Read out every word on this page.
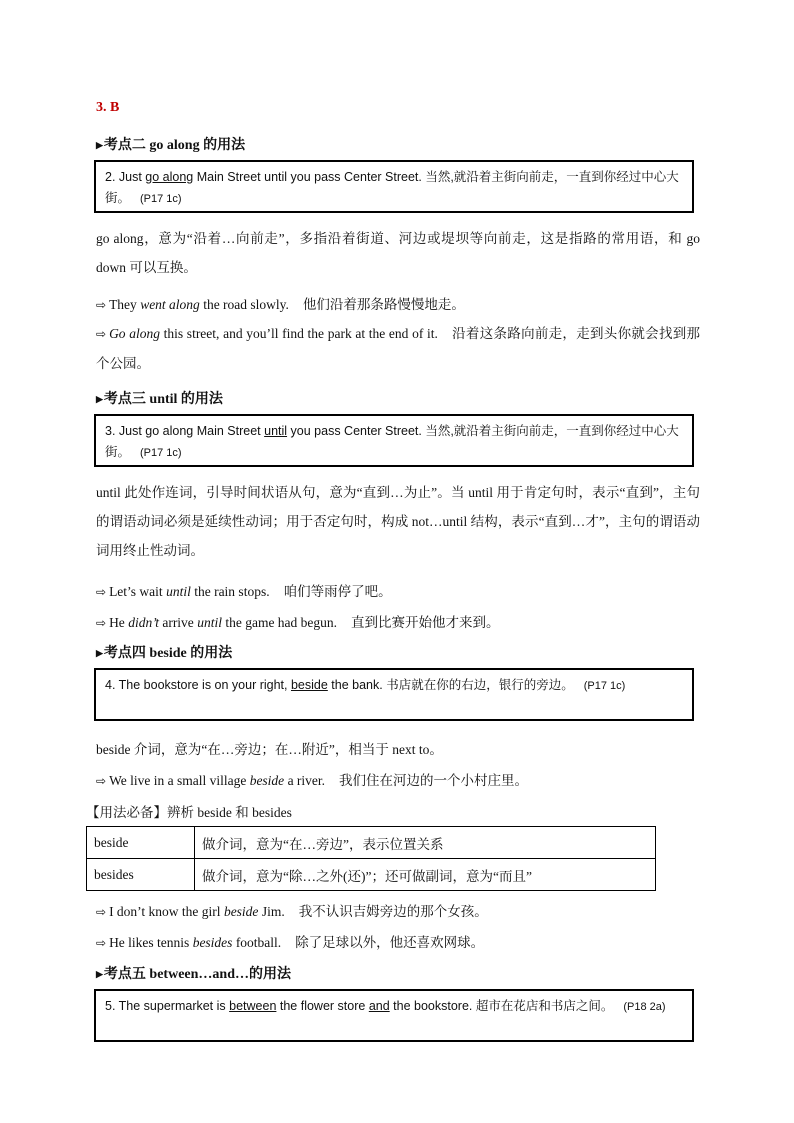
3. B
▶考点二 go along 的用法
2. Just go along Main Street until you pass Center Street. 当然,就沿着主街向前走，一直到你经过中心大街。 (P17 1c)
go along，意为“沿着…向前走”，多指沿着街道、河边或堤坝等向前走，这是指路的常用语，和 go down 可以互换。
⇨ They went along the road slowly. 他们沿着那条路慢慢地走。
⇨ Go along this street, and you’ll find the park at the end of it. 沿着这条路向前走，走到头你就会找到那个公园。
▶考点三 until 的用法
3. Just go along Main Street until you pass Center Street. 当然,就沿着主街向前走，一直到你经过中心大街。 (P17 1c)
until 此处作连词，引导时间状语从句，意为“直到…为止”。当 until 用于肯定句时，表示“直到”，主句的谓语动词必须是延续性动词；用于否定句时，构成 not…until 结构，表示“直到…才”，主句的谓语动词用终止性动词。
⇨ Let’s wait until the rain stops. 咱们等雨停了吧。
⇨ He didn’t arrive until the game had begun. 直到比赛开始他才来到。
▶考点四 beside 的用法
4. The bookstore is on your right, beside the bank. 书店就在你的右边，银行的旁边。 (P17 1c)
beside 介词，意为“在…旁边；在…附近”，相当于 next to。
⇨ We live in a small village beside a river. 我们住在河边的一个小村庄里。
【用法必备】辨析 beside 和 besides
beside	做介词，意为“在…旁边”，表示位置关系
besides	做介词，意为“除…之外(还)”；还可做副词，意为“而且”
⇨ I don’t know the girl beside Jim. 我不认识吉姆旁边的那个女孩。
⇨ He likes tennis besides football. 除了足球以外，他还喜欢网球。
▶考点五 between…and…的用法
5. The supermarket is between the flower store and the bookstore. 超市在花店和书店之间。 (P18 2a)
